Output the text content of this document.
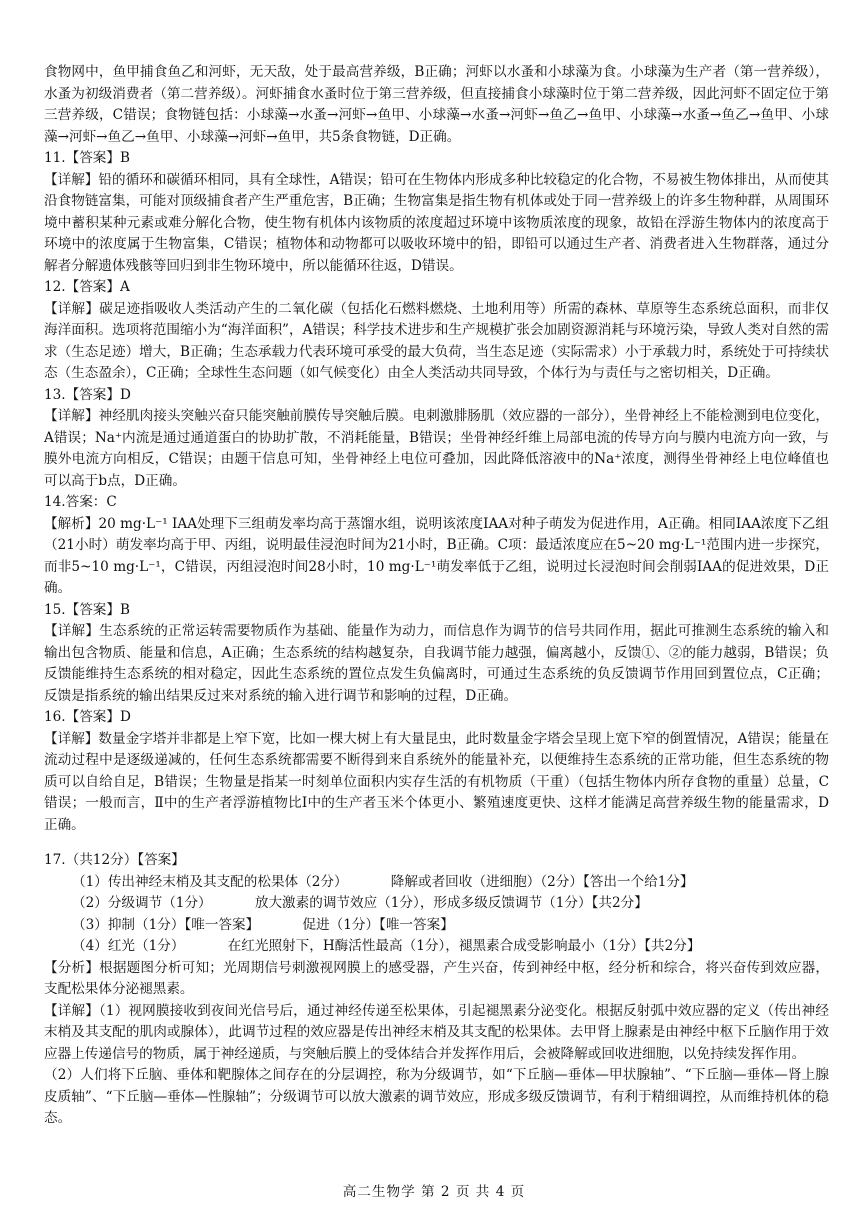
食物网中，鱼甲捕食鱼乙和河虾，无天敌，处于最高营养级，B正确；河虾以水蚤和小球藻为食。小球藻为生产者（第一营养级），水蚤为初级消费者（第二营养级）。河虾捕食水蚤时位于第三营养级，但直接捕食小球藻时位于第二营养级，因此河虾不固定位于第三营养级，C错误；食物链包括：小球藻→水蚤→河虾→鱼甲、小球藻→水蚤→河虾→鱼乙→鱼甲、小球藻→水蚤→鱼乙→鱼甲、小球藻→河虾→鱼乙→鱼甲、小球藻→河虾→鱼甲，共5条食物链，D正确。

11.【答案】B

【详解】铅的循环和碳循环相同，具有全球性，A错误；铅可在生物体内形成多种比较稳定的化合物，不易被生物体排出，从而使其沿食物链富集，可能对顶级捕食者产生严重危害，B正确；生物富集是指生物有机体或处于同一营养级上的许多生物种群，从周围环境中蓄积某种元素或难分解化合物，使生物有机体内该物质的浓度超过环境中该物质浓度的现象，故铅在浮游生物体内的浓度高于环境中的浓度属于生物富集，C错误；植物体和动物都可以吸收环境中的铅，即铅可以通过生产者、消费者进入生物群落，通过分解者分解遗体残骸等回归到非生物环境中，所以能循环往返，D错误。

12.【答案】A

【详解】碳足迹指吸收人类活动产生的二氧化碳（包括化石燃料燃烧、土地利用等）所需的森林、草原等生态系统总面积，而非仅海洋面积。选项将范围缩小为“海洋面积”，A错误；科学技术进步和生产规模扩张会加剧资源消耗与环境污染，导致人类对自然的需求（生态足迹）增大，B正确；生态承载力代表环境可承受的最大负荷，当生态足迹（实际需求）小于承载力时，系统处于可持续状态（生态盈余），C正确；全球性生态问题（如气候变化）由全人类活动共同导致，个体行为与责任与之密切相关，D正确。

13.【答案】D

【详解】神经肌肉接头突触兴奋只能突触前膜传导突触后膜。电刺激腓肠肌（效应器的一部分），坐骨神经上不能检测到电位变化，A错误；Na⁺内流是通过通道蛋白的协助扩散，不消耗能量，B错误；坐骨神经纤维上局部电流的传导方向与膜内电流方向一致，与膜外电流方向相反，C错误；由题干信息可知，坐骨神经上电位可叠加，因此降低溶液中的Na⁺浓度，测得坐骨神经上电位峰值也可以高于b点，D正确。

14.答案：C

【解析】20 mg·L⁻¹ IAA处理下三组萌发率均高于蒸馏水组，说明该浓度IAA对种子萌发为促进作用，A正确。相同IAA浓度下乙组（21小时）萌发率均高于甲、丙组，说明最佳浸泡时间为21小时，B正确。C项：最适浓度应在5~20 mg·L⁻¹范围内进一步探究，而非5~10 mg·L⁻¹，C错误，丙组浸泡时间28小时，10 mg·L⁻¹萌发率低于乙组，说明过长浸泡时间会削弱IAA的促进效果，D正确。

15.【答案】B

【详解】生态系统的正常运转需要物质作为基础、能量作为动力，而信息作为调节的信号共同作用，据此可推测生态系统的输入和输出包含物质、能量和信息，A正确；生态系统的结构越复杂，自我调节能力越强，偏离越小，反馈①、②的能力越弱，B错误；负反馈能维持生态系统的相对稳定，因此生态系统的置位点发生负偏离时，可通过生态系统的负反馈调节作用回到置位点，C正确；反馈是指系统的输出结果反过来对系统的输入进行调节和影响的过程，D正确。

16.【答案】D

【详解】数量金字塔并非都是上窄下宽，比如一棵大树上有大量昆虫，此时数量金字塔会呈现上宽下窄的倒置情况，A错误；能量在流动过程中是逐级递减的，任何生态系统都需要不断得到来自系统外的能量补充，以便维持生态系统的正常功能，但生态系统的物质可以自给自足，B错误；生物量是指某一时刻单位面积内实存生活的有机物质（干重）（包括生物体内所存食物的重量）总量，C错误；一般而言，Ⅱ中的生产者浮游植物比Ⅰ中的生产者玉米个体更小、繁殖速度更快、这样才能满足高营养级生物的能量需求，D正确。

17.（共12分）【答案】

（1）传出神经末梢及其支配的松果体（2分）          降解或者回收（进细胞）（2分）【答出一个给1分】

（2）分级调节（1分）          放大激素的调节效应（1分），形成多级反馈调节（1分）【共2分】

（3）抑制（1分）【唯一答案】          促进（1分）【唯一答案】

（4）红光（1分）          在红光照射下，H酶活性最高（1分），褪黑素合成受影响最小（1分）【共2分】

【分析】根据题图分析可知；光周期信号刺激视网膜上的感受器，产生兴奋，传到神经中枢，经分析和综合，将兴奋传到效应器，支配松果体分泌褪黑素。

【详解】（1）视网膜接收到夜间光信号后，通过神经传递至松果体，引起褪黑素分泌变化。根据反射弧中效应器的定义（传出神经末梢及其支配的肌肉或腺体），此调节过程的效应器是传出神经末梢及其支配的松果体。去甲肾上腺素是由神经中枢下丘脑作用于效应器上传递信号的物质，属于神经递质，与突触后膜上的受体结合并发挥作用后，会被降解或回收进细胞，以免持续发挥作用。

（2）人们将下丘脑、垂体和靶腺体之间存在的分层调控，称为分级调节，如“下丘脑—垂体—甲状腺轴”、“下丘脑—垂体—肾上腺皮质轴”、“下丘脑—垂体—性腺轴”；分级调节可以放大激素的调节效应，形成多级反馈调节，有利于精细调控，从而维持机体的稳态。

高二生物学 第 2 页 共 4 页
